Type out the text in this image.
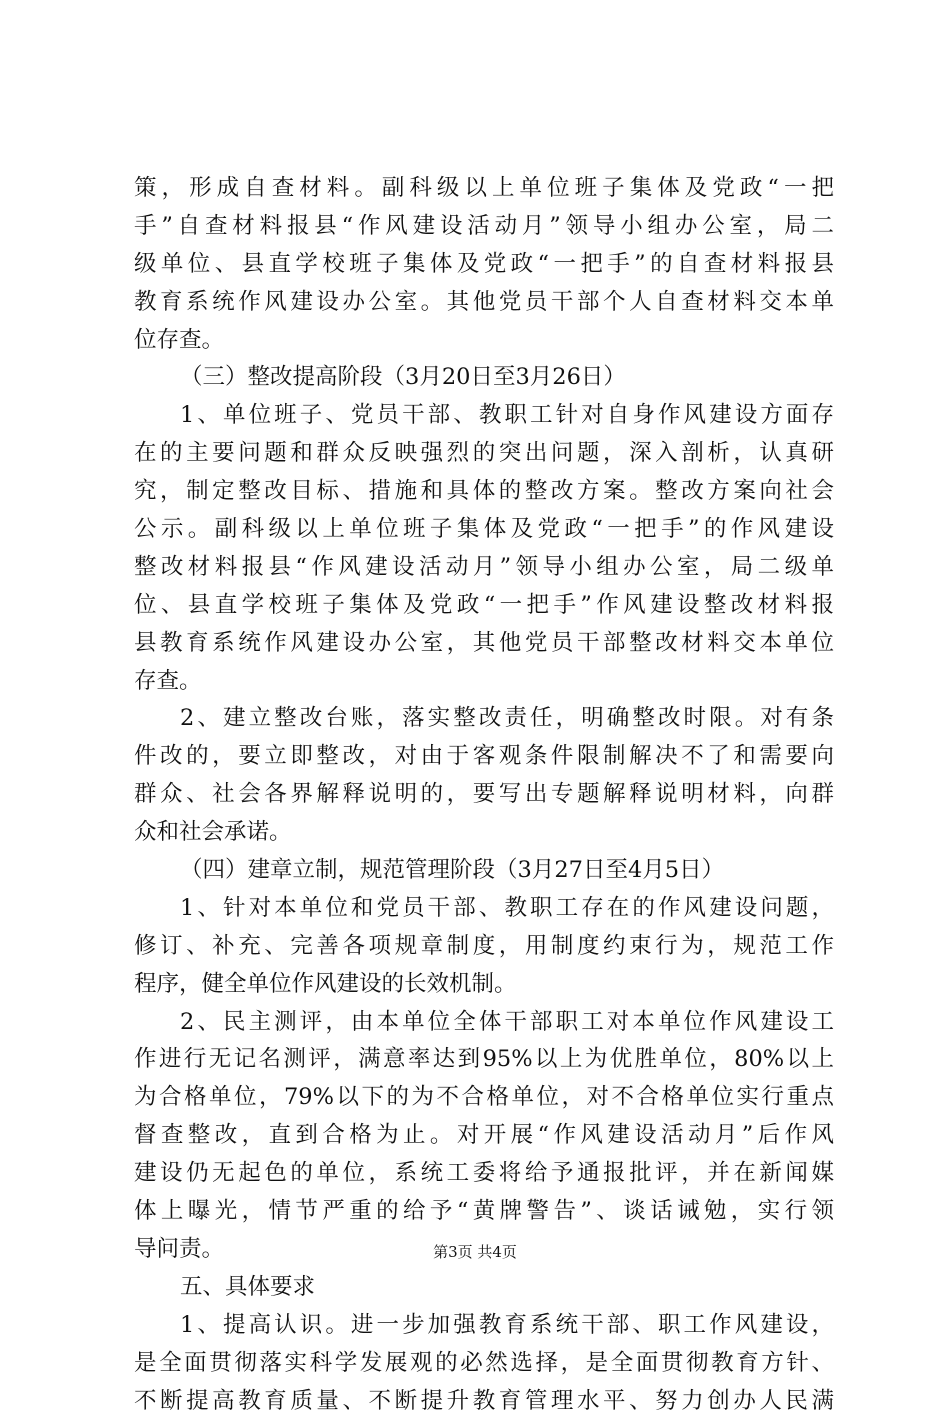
策，形成自查材料。副科级以上单位班子集体及党政“一把
手”自查材料报县“作风建设活动月”领导小组办公室，局二
级单位、县直学校班子集体及党政“一把手”的自查材料报县
教育系统作风建设办公室。其他党员干部个人自查材料交本单
位存查。
（三）整改提高阶段（3月20日至3月26日）
1、单位班子、党员干部、教职工针对自身作风建设方面存
在的主要问题和群众反映强烈的突出问题，深入剖析，认真研
究，制定整改目标、措施和具体的整改方案。整改方案向社会
公示。副科级以上单位班子集体及党政“一把手”的作风建设
整改材料报县“作风建设活动月”领导小组办公室，局二级单
位、县直学校班子集体及党政“一把手”作风建设整改材料报
县教育系统作风建设办公室，其他党员干部整改材料交本单位
存查。
2、建立整改台账，落实整改责任，明确整改时限。对有条
件改的，要立即整改，对由于客观条件限制解决不了和需要向
群众、社会各界解释说明的，要写出专题解释说明材料，向群
众和社会承诺。
（四）建章立制，规范管理阶段（3月27日至4月5日）
1、针对本单位和党员干部、教职工存在的作风建设问题，
修订、补充、完善各项规章制度，用制度约束行为，规范工作
程序，健全单位作风建设的长效机制。
2、民主测评，由本单位全体干部职工对本单位作风建设工
作进行无记名测评，满意率达到95%以上为优胜单位，80%以上
为合格单位，79%以下的为不合格单位，对不合格单位实行重点
督查整改，直到合格为止。对开展“作风建设活动月”后作风
建设仍无起色的单位，系统工委将给予通报批评，并在新闻媒
体上曝光，情节严重的给予“黄牌警告”、谈话诫勉，实行领
导问责。
五、具体要求
1、提高认识。进一步加强教育系统干部、职工作风建设，
是全面贯彻落实科学发展观的必然选择，是全面贯彻教育方针、
不断提高教育质量、不断提升教育管理水平、努力创办人民满
第3页 共4页
